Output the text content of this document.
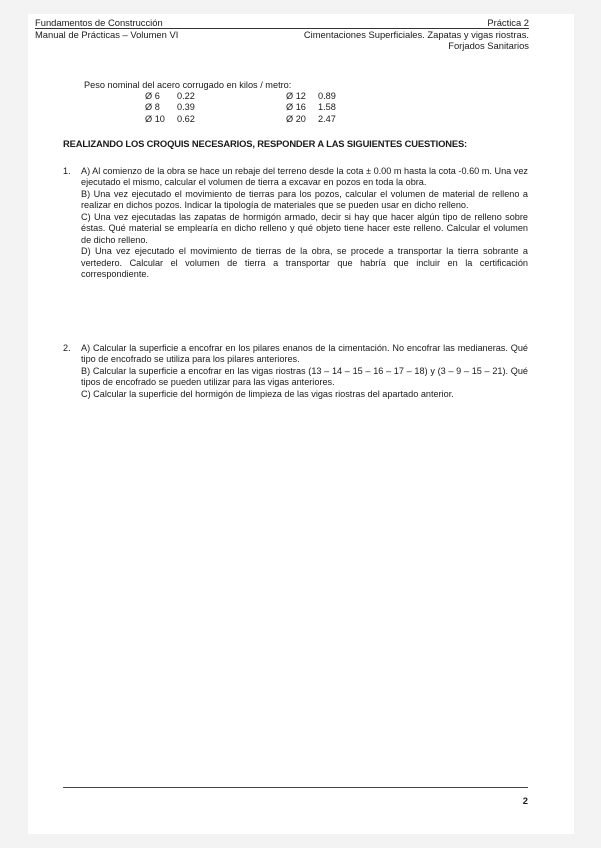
Fundamentos de Construcción	Práctica 2
Manual de Prácticas – Volumen VI	Cimentaciones Superficiales. Zapatas y vigas riostras.
Forjados Sanitarios
Peso nominal del acero corrugado en kilos / metro:
Ø 6	0.22
Ø 8	0.39
Ø 10	0.62
Ø 12	0.89
Ø 16	1.58
Ø 20	2.47
REALIZANDO LOS CROQUIS NECESARIOS, RESPONDER A LAS SIGUIENTES CUESTIONES:
1. A) Al comienzo de la obra se hace un rebaje del terreno desde la cota ± 0.00 m hasta la cota -0.60 m. Una vez ejecutado el mismo, calcular el volumen de tierra a excavar en pozos en toda la obra.

B) Una vez ejecutado el movimiento de tierras para los pozos, calcular el volumen de material de relleno a realizar en dichos pozos. Indicar la tipología de materiales que se pueden usar en dicho relleno.

C) Una vez ejecutadas las zapatas de hormigón armado, decir si hay que hacer algún tipo de relleno sobre éstas. Qué material se emplearía en dicho relleno y qué objeto tiene hacer este relleno. Calcular el volumen de dicho relleno.

D) Una vez ejecutado el movimiento de tierras de la obra, se procede a transportar la tierra sobrante a vertedero. Calcular el volumen de tierra a transportar que habría que incluir en la certificación correspondiente.

2. A) Calcular la superficie a encofrar en los pilares enanos de la cimentación. No encofrar las medianeras. Qué tipo de encofrado se utiliza para los pilares anteriores.

B) Calcular la superficie a encofrar en las vigas riostras (13 – 14 – 15 – 16 – 17 – 18) y (3 – 9 – 15 – 21). Qué tipos de encofrado se pueden utilizar para las vigas anteriores.

C) Calcular la superficie del hormigón de limpieza de las vigas riostras del apartado anterior.

2
